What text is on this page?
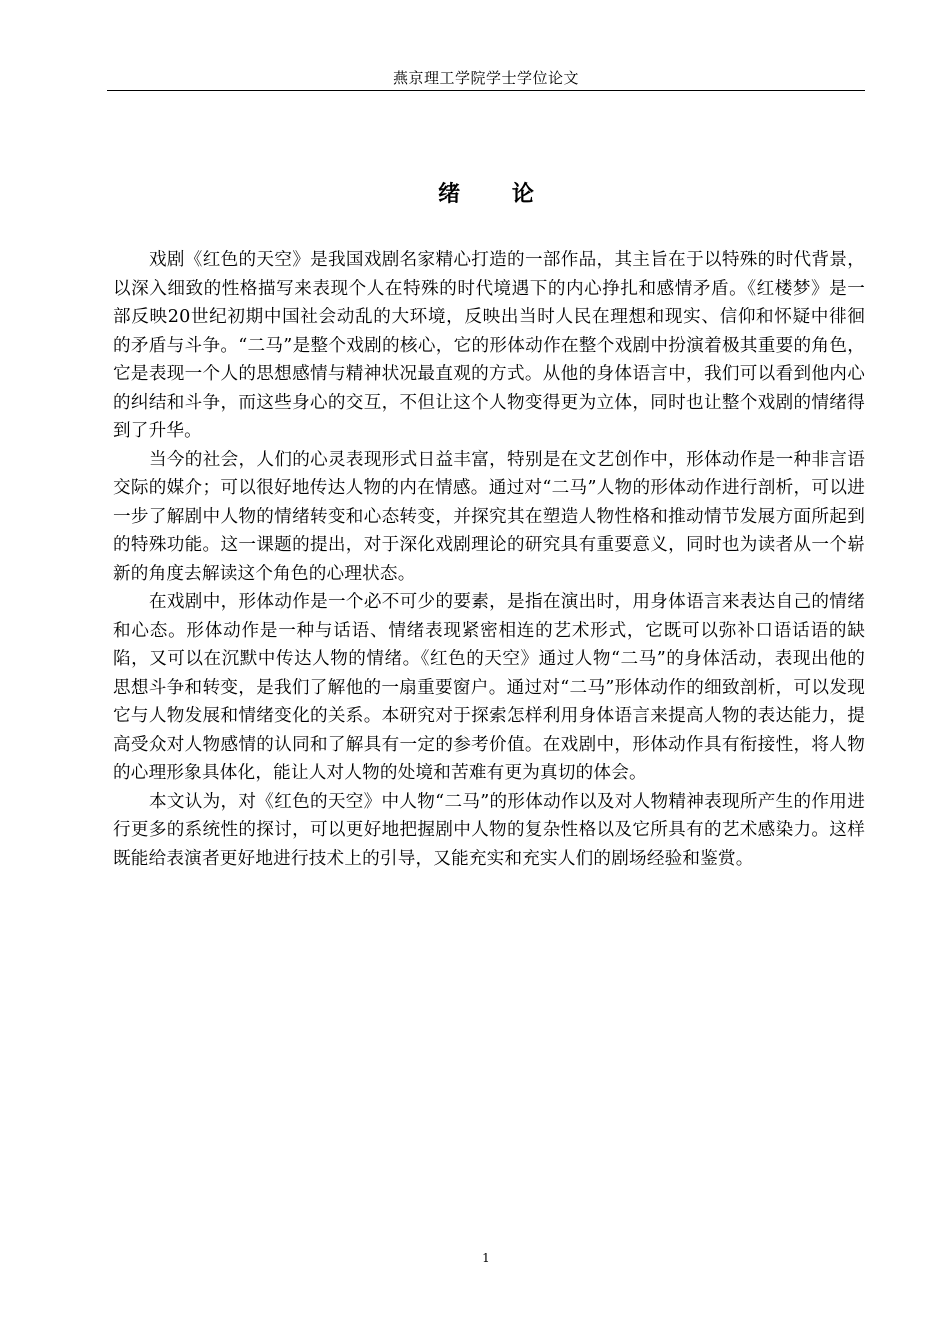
燕京理工学院学士学位论文
绪 论

戏剧《红色的天空》是我国戏剧名家精心打造的一部作品，其主旨在于以特殊的时代背景，以深入细致的性格描写来表现个人在特殊的时代境遇下的内心挣扎和感情矛盾。《红楼梦》是一部反映20世纪初期中国社会动乱的大环境，反映出当时人民在理想和现实、信仰和怀疑中徘徊的矛盾与斗争。“二马”是整个戏剧的核心，它的形体动作在整个戏剧中扮演着极其重要的角色，它是表现一个人的思想感情与精神状况最直观的方式。从他的身体语言中，我们可以看到他内心的纠结和斗争，而这些身心的交互，不但让这个人物变得更为立体，同时也让整个戏剧的情绪得到了升华。

当今的社会，人们的心灵表现形式日益丰富，特别是在文艺创作中，形体动作是一种非言语交际的媒介；可以很好地传达人物的内在情感。通过对“二马”人物的形体动作进行剖析，可以进一步了解剧中人物的情绪转变和心态转变，并探究其在塑造人物性格和推动情节发展方面所起到的特殊功能。这一课题的提出，对于深化戏剧理论的研究具有重要意义，同时也为读者从一个崭新的角度去解读这个角色的心理状态。

在戏剧中，形体动作是一个必不可少的要素，是指在演出时，用身体语言来表达自己的情绪和心态。形体动作是一种与话语、情绪表现紧密相连的艺术形式，它既可以弥补口语话语的缺陷，又可以在沉默中传达人物的情绪。《红色的天空》通过人物“二马”的身体活动，表现出他的思想斗争和转变，是我们了解他的一扇重要窗户。通过对“二马”形体动作的细致剖析，可以发现它与人物发展和情绪变化的关系。本研究对于探索怎样利用身体语言来提高人物的表达能力，提高受众对人物感情的认同和了解具有一定的参考价值。在戏剧中，形体动作具有衔接性，将人物的心理形象具体化，能让人对人物的处境和苦难有更为真切的体会。

本文认为，对《红色的天空》中人物“二马”的形体动作以及对人物精神表现所产生的作用进行更多的系统性的探讨，可以更好地把握剧中人物的复杂性格以及它所具有的艺术感染力。这样既能给表演者更好地进行技术上的引导，又能充实和充实人们的剧场经验和鉴赏。

1
